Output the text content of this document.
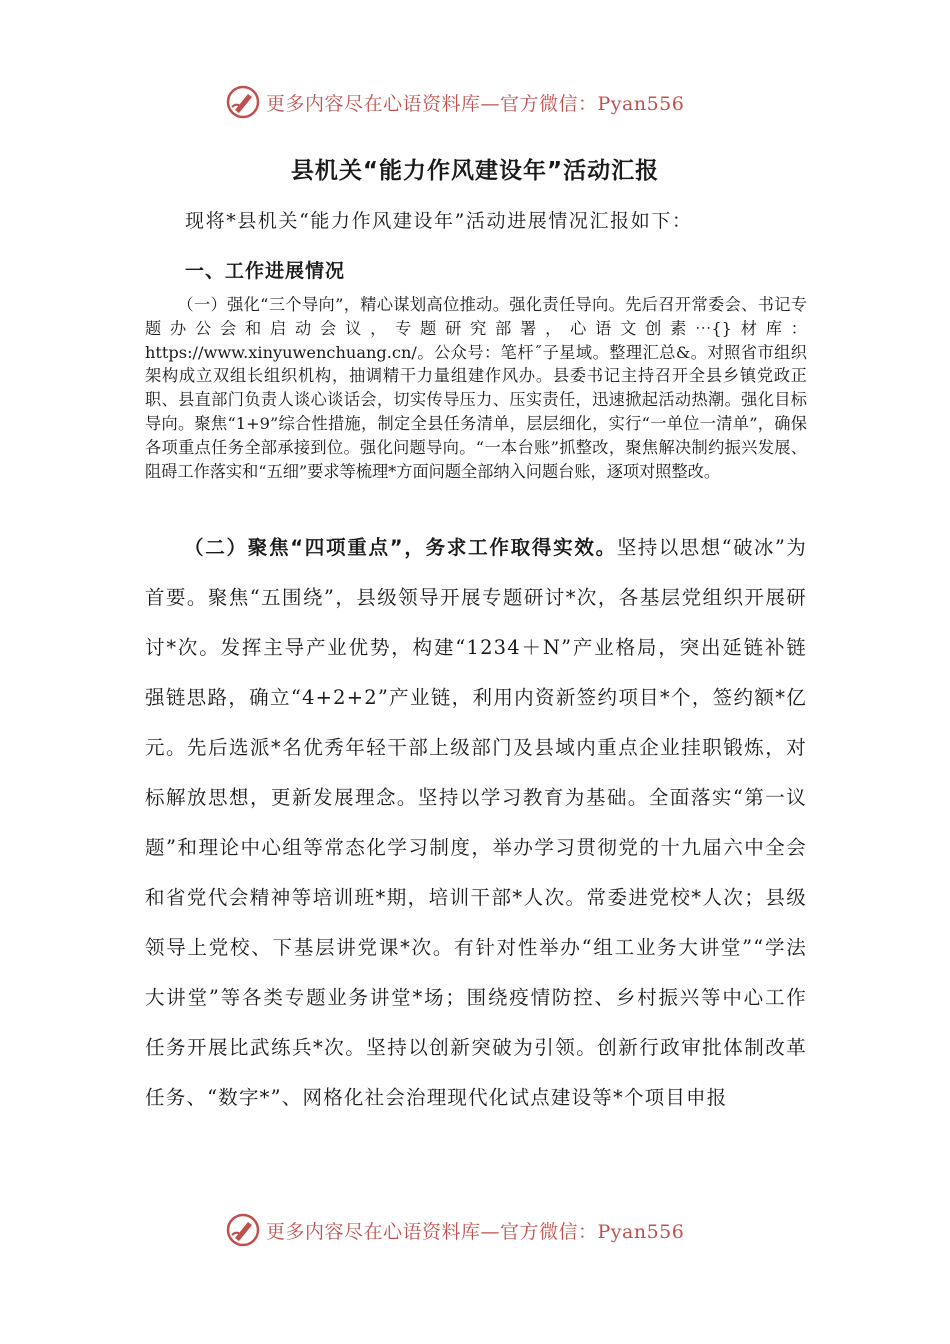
更多内容尽在心语资料库—官方微信：Pyan556
县机关“能力作风建设年”活动汇报
现将*县机关“能力作风建设年”活动进展情况汇报如下：
一、工作进展情况
（一）强化“三个导向”，精心谋划高位推动。强化责任导向。先后召开常委会、书记专题办公会和启动会议，专题研究部署，心语文创素⋯{}材库：https://www.xinyuwenchuang.cn/。公众号：笔杆˝子星域。整理汇总&。对照省市组织架构成立双组长组织机构，抽调精干力量组建作风办。县委书记主持召开全县乡镇党政正职、县直部门负责人谈心谈话会，切实传导压力、压实责任，迅速掀起活动热潮。强化目标导向。聚焦“1+9”综合性措施，制定全县任务清单，层层细化，实行“一单位一清单”，确保各项重点任务全部承接到位。强化问题导向。“一本台账”抓整改，聚焦解决制约振兴发展、阻碍工作落实和“五细”要求等梳理*方面问题全部纳入问题台账，逐项对照整改。
（二）聚焦“四项重点”，务求工作取得实效。坚持以思想“破冰”为首要。聚焦“五围绕”，县级领导开展专题研讨*次，各基层党组织开展研讨*次。发挥主导产业优势，构建“1234＋N”产业格局，突出延链补链强链思路，确立“4+2+2”产业链，利用内资新签约项目*个，签约额*亿元。先后选派*名优秀年轻干部上级部门及县域内重点企业挂职锻炼，对标解放思想，更新发展理念。坚持以学习教育为基础。全面落实“第一议题”和理论中心组等常态化学习制度，举办学习贯彻党的十九届六中全会和省党代会精神等培训班*期，培训干部*人次。常委进党校*人次；县级领导上党校、下基层讲党课*次。有针对性举办“组工业务大讲堂”“学法大讲堂”等各类专题业务讲堂*场；围绕疫情防控、乡村振兴等中心工作任务开展比武练兵*次。坚持以创新突破为引领。创新行政审批体制改革任务、“数字*”、网格化社会治理现代化试点建设等*个项目申报
更多内容尽在心语资料库—官方微信：Pyan556
